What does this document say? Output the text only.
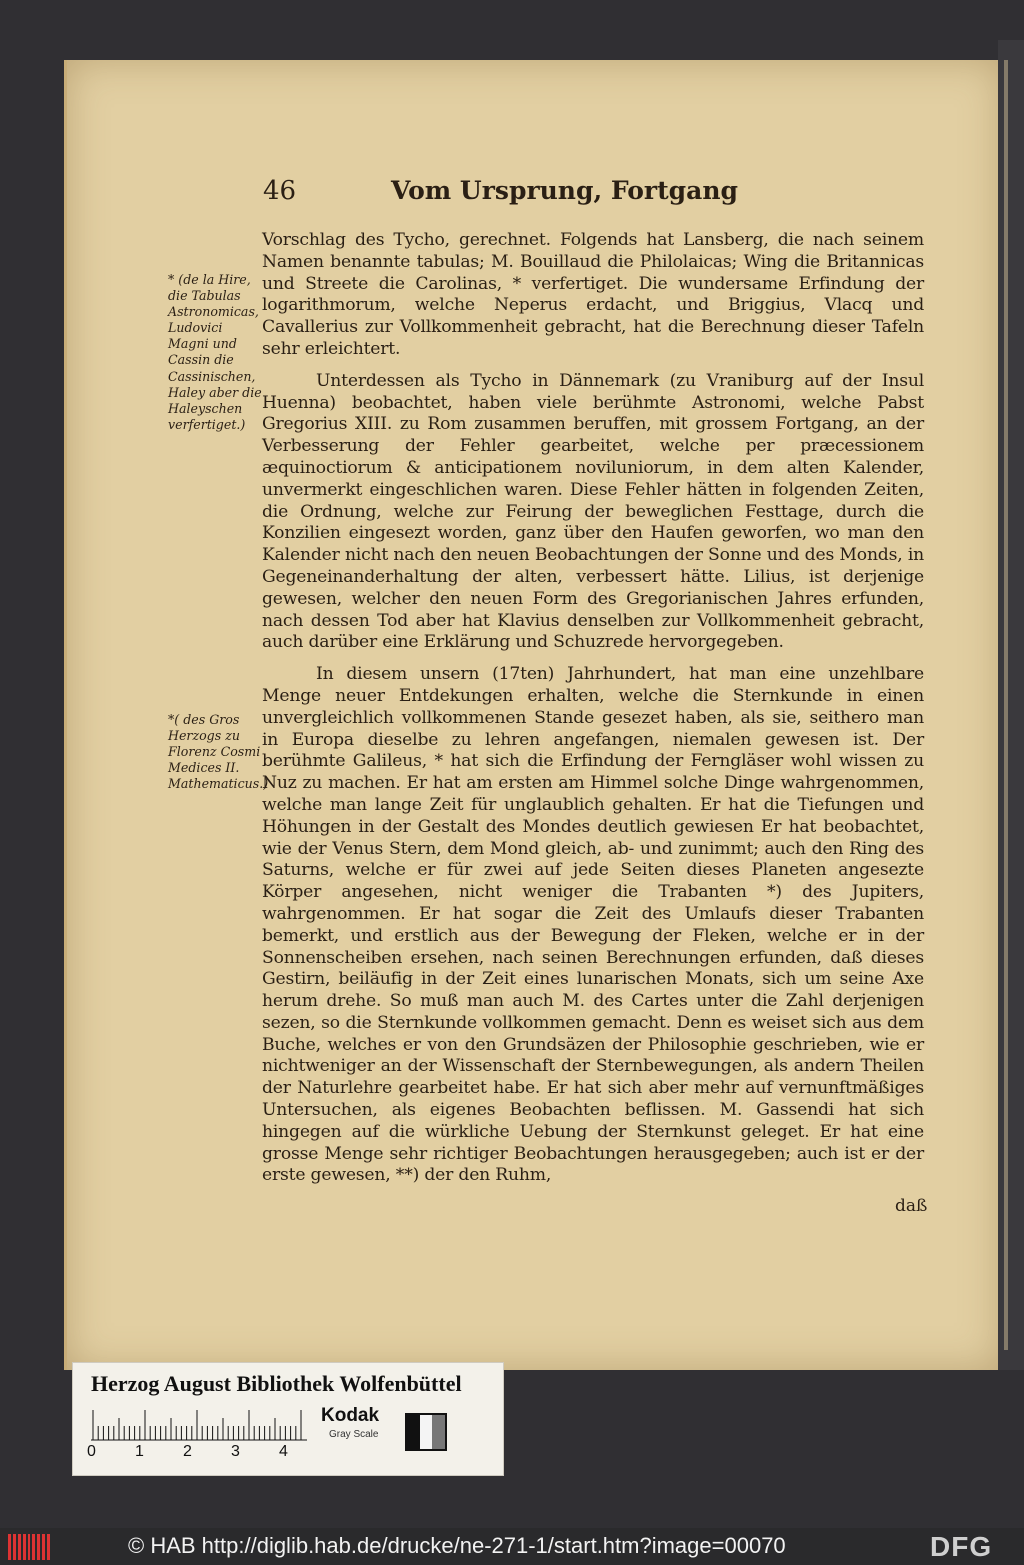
46	Vom Ursprung, Fortgang

Vorschlag des Tycho, gerechnet. Folgends hat Lansberg, die nach seinem Namen benannte tabulas; M. Bouillaud die Philolaicas; Wing die Britannicas und Streete die Carolinas, * verfertiget. Die wundersame Erfindung der logarithmorum, welche Neperus erdacht, und Briggius, Vlacq und Cavallerius zur Vollkommenheit gebracht, hat die Berechnung dieser Tafeln sehr erleichtert.

Unterdessen als Tycho in Dännemark (zu Vraniburg auf der Insul Huenna) beobachtet, haben viele berühmte Astronomi, welche Pabst Gregorius XIII. zu Rom zusammen beruffen, mit grossem Fortgang, an der Verbesserung der Fehler gearbeitet, welche per præcessionem æquinoctiorum & anticipationem noviluniorum, in dem alten Kalender, unvermerkt eingeschlichen waren. Diese Fehler hätten in folgenden Zeiten, die Ordnung, welche zur Feirung der beweglichen Festtage, durch die Konzilien eingesezt worden, ganz über den Haufen geworfen, wo man den Kalender nicht nach den neuen Beobachtungen der Sonne und des Monds, in Gegeneinanderhaltung der alten, verbessert hätte. Lilius, ist derjenige gewesen, welcher den neuen Form des Gregorianischen Jahres erfunden, nach dessen Tod aber hat Klavius denselben zur Vollkommenheit gebracht, auch darüber eine Erklärung und Schuzrede hervorgegeben.

In diesem unsern (17ten) Jahrhundert, hat man eine unzehlbare Menge neuer Entdekungen erhalten, welche die Sternkunde in einen unvergleichlich vollkommenen Stande gesezet haben, als sie, seithero man in Europa dieselbe zu lehren angefangen, niemalen gewesen ist. Der berühmte Galileus, * hat sich die Erfindung der Ferngläser wohl wissen zu Nuz zu machen. Er hat am ersten am Himmel solche Dinge wahrgenommen, welche man lange Zeit für unglaublich gehalten. Er hat die Tiefungen und Höhungen in der Gestalt des Mondes deutlich gewiesen Er hat beobachtet, wie der Venus Stern, dem Mond gleich, ab- und zunimmt; auch den Ring des Saturns, welche er für zwei auf jede Seiten dieses Planeten angesezte Körper angesehen, nicht weniger die Trabanten *) des Jupiters, wahrgenommen. Er hat sogar die Zeit des Umlaufs dieser Trabanten bemerkt, und erstlich aus der Bewegung der Fleken, welche er in der Sonnenscheiben ersehen, nach seinen Berechnungen erfunden, daß dieses Gestirn, beiläufig in der Zeit eines lunarischen Monats, sich um seine Axe herum drehe. So muß man auch M. des Cartes unter die Zahl derjenigen sezen, so die Sternkunde vollkommen gemacht. Denn es weiset sich aus dem Buche, welches er von den Grundsäzen der Philosophie geschrieben, wie er nichtweniger an der Wissenschaft der Sternbewegungen, als andern Theilen der Naturlehre gearbeitet habe. Er hat sich aber mehr auf vernunftmäßiges Untersuchen, als eigenes Beobachten beflissen. M. Gassendi hat sich hingegen auf die würkliche Uebung der Sternkunst geleget. Er hat eine grosse Menge sehr richtiger Beobachtungen herausgegeben; auch ist er der erste gewesen, **) der den Ruhm,

daß
* (de la Hire, die Tabulas Astronomicas, Ludovici Magni und Cassin die Cassinischen, Haley aber die Haleyschen verfertiget.)
*( des Gros Herzogs zu Florenz Cosmi Medices II. Mathematicus.)
Herzog August Bibliothek Wolfenbüttel
0	1	2	3	4
Kodak
Gray Scale
© HAB http://diglib.hab.de/drucke/ne-271-1/start.htm?image=00070	DFG
